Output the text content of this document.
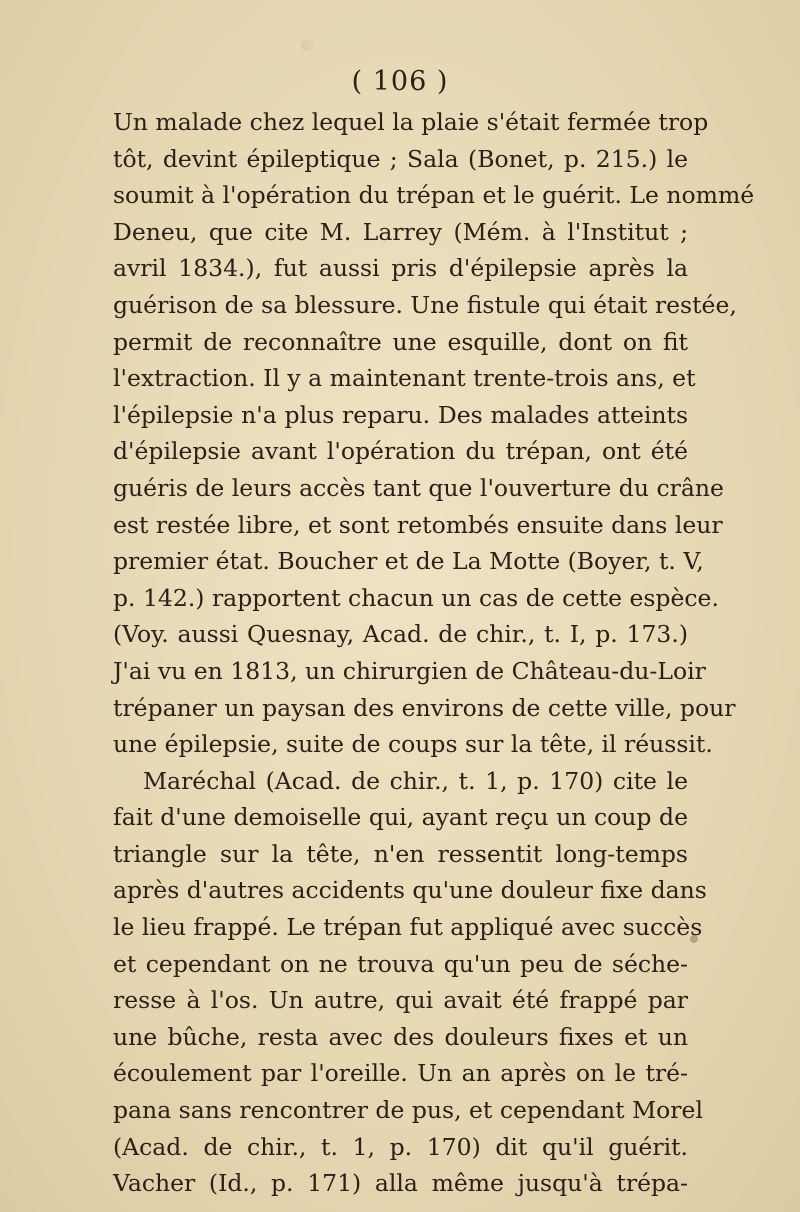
( 106 )
Un malade chez lequel la plaie s'était fermée trop
tôt, devint épileptique ; Sala (Bonet, p. 215.) le
soumit à l'opération du trépan et le guérit. Le nommé
Deneu, que cite M. Larrey (Mém. à l'Institut ;
avril 1834.), fut aussi pris d'épilepsie après la
guérison de sa blessure. Une fistule qui était restée,
permit de reconnaître une esquille, dont on fit
l'extraction. Il y a maintenant trente-trois ans, et
l'épilepsie n'a plus reparu. Des malades atteints
d'épilepsie avant l'opération du trépan, ont été
guéris de leurs accès tant que l'ouverture du crâne
est restée libre, et sont retombés ensuite dans leur
premier état. Boucher et de La Motte (Boyer, t. V,
p. 142.) rapportent chacun un cas de cette espèce.
(Voy. aussi Quesnay, Acad. de chir., t. I, p. 173.)
J'ai vu en 1813, un chirurgien de Château-du-Loir
trépaner un paysan des environs de cette ville, pour
une épilepsie, suite de coups sur la tête, il réussit.
Maréchal (Acad. de chir., t. 1, p. 170) cite le
fait d'une demoiselle qui, ayant reçu un coup de
triangle sur la tête, n'en ressentit long-temps
après d'autres accidents qu'une douleur fixe dans
le lieu frappé. Le trépan fut appliqué avec succès
et cependant on ne trouva qu'un peu de séche-
resse à l'os. Un autre, qui avait été frappé par
une bûche, resta avec des douleurs fixes et un
écoulement par l'oreille. Un an après on le tré-
pana sans rencontrer de pus, et cependant Morel
(Acad. de chir., t. 1, p. 170) dit qu'il guérit.
Vacher (Id., p. 171) alla même jusqu'à trépa-
